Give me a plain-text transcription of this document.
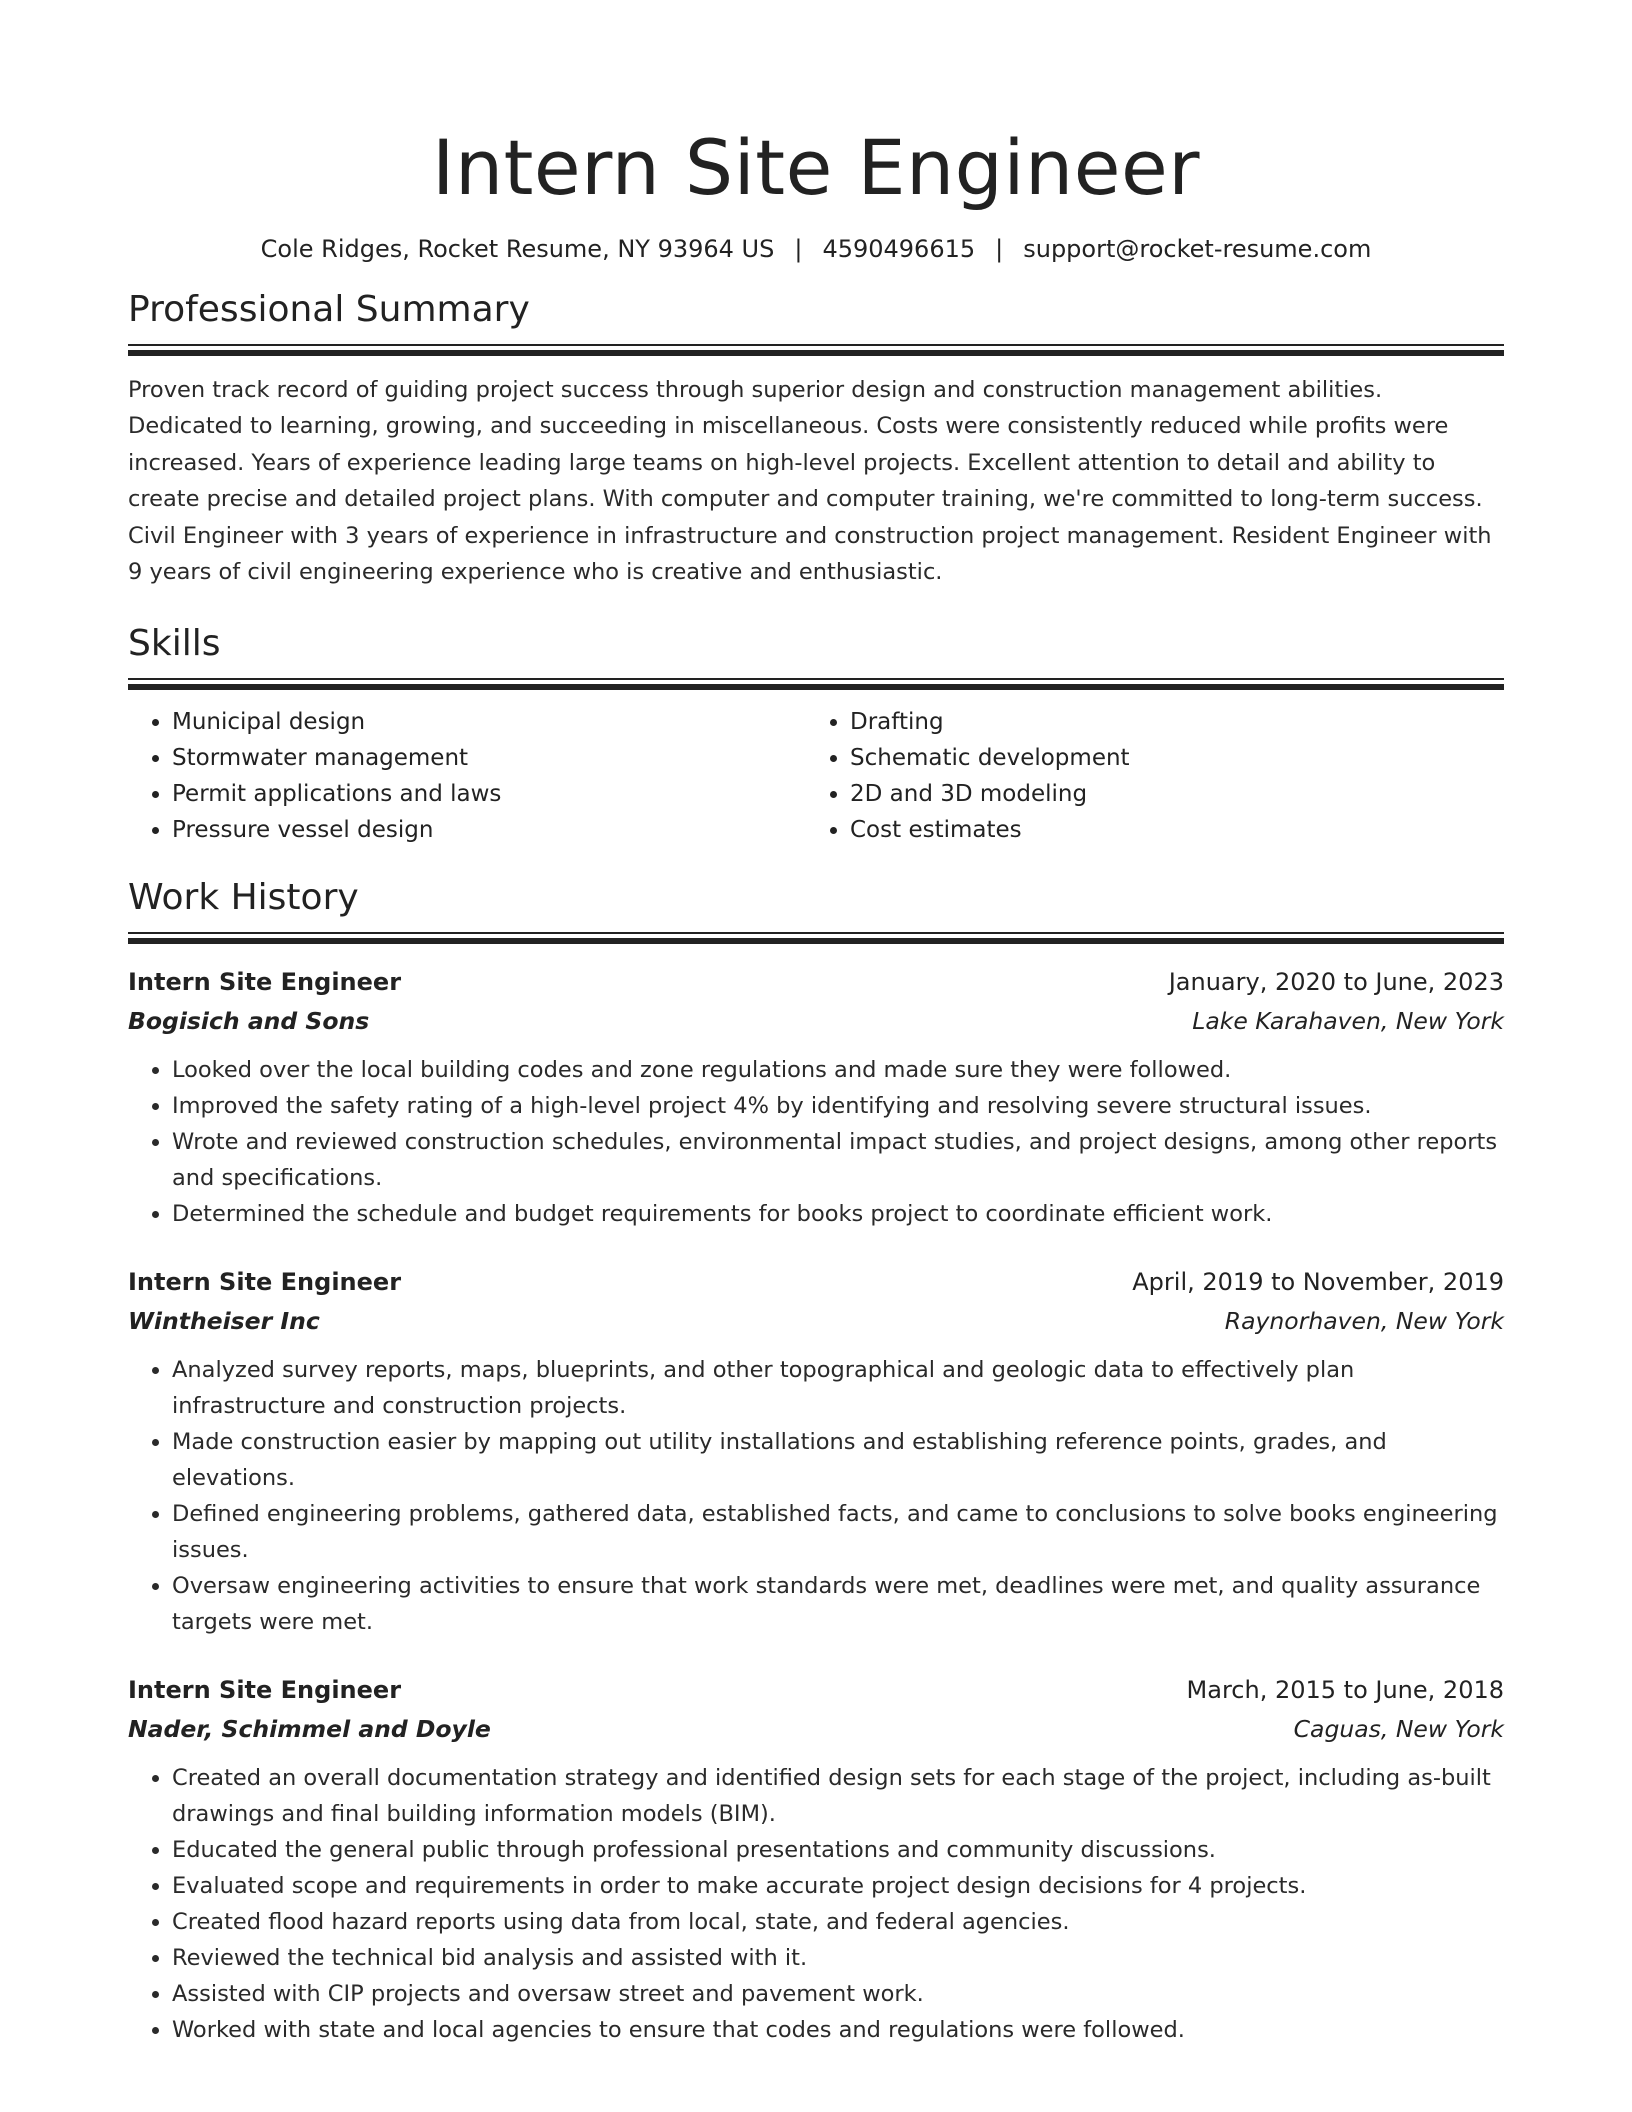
Intern Site Engineer
Cole Ridges, Rocket Resume, NY 93964 US | 4590496615 | support@rocket-resume.com
Professional Summary

Proven track record of guiding project success through superior design and construction management abilities. Dedicated to learning, growing, and succeeding in miscellaneous. Costs were consistently reduced while profits were increased. Years of experience leading large teams on high-level projects. Excellent attention to detail and ability to create precise and detailed project plans. With computer and computer training, we're committed to long-term success. Civil Engineer with 3 years of experience in infrastructure and construction project management. Resident Engineer with 9 years of civil engineering experience who is creative and enthusiastic.

Skills
• Municipal design
• Stormwater management
• Permit applications and laws
• Pressure vessel design
• Drafting
• Schematic development
• 2D and 3D modeling
• Cost estimates
Work History
Intern Site Engineer	January, 2020 to June, 2023
Bogisich and Sons	Lake Karahaven, New York
• Looked over the local building codes and zone regulations and made sure they were followed.
• Improved the safety rating of a high-level project 4% by identifying and resolving severe structural issues.
• Wrote and reviewed construction schedules, environmental impact studies, and project designs, among other reports and specifications.
• Determined the schedule and budget requirements for books project to coordinate efficient work.
Intern Site Engineer	April, 2019 to November, 2019
Wintheiser Inc	Raynorhaven, New York
• Analyzed survey reports, maps, blueprints, and other topographical and geologic data to effectively plan infrastructure and construction projects.
• Made construction easier by mapping out utility installations and establishing reference points, grades, and elevations.
• Defined engineering problems, gathered data, established facts, and came to conclusions to solve books engineering issues.
• Oversaw engineering activities to ensure that work standards were met, deadlines were met, and quality assurance targets were met.
Intern Site Engineer	March, 2015 to June, 2018
Nader, Schimmel and Doyle	Caguas, New York
• Created an overall documentation strategy and identified design sets for each stage of the project, including as-built drawings and final building information models (BIM).
• Educated the general public through professional presentations and community discussions.
• Evaluated scope and requirements in order to make accurate project design decisions for 4 projects.
• Created flood hazard reports using data from local, state, and federal agencies.
• Reviewed the technical bid analysis and assisted with it.
• Assisted with CIP projects and oversaw street and pavement work.
• Worked with state and local agencies to ensure that codes and regulations were followed.
